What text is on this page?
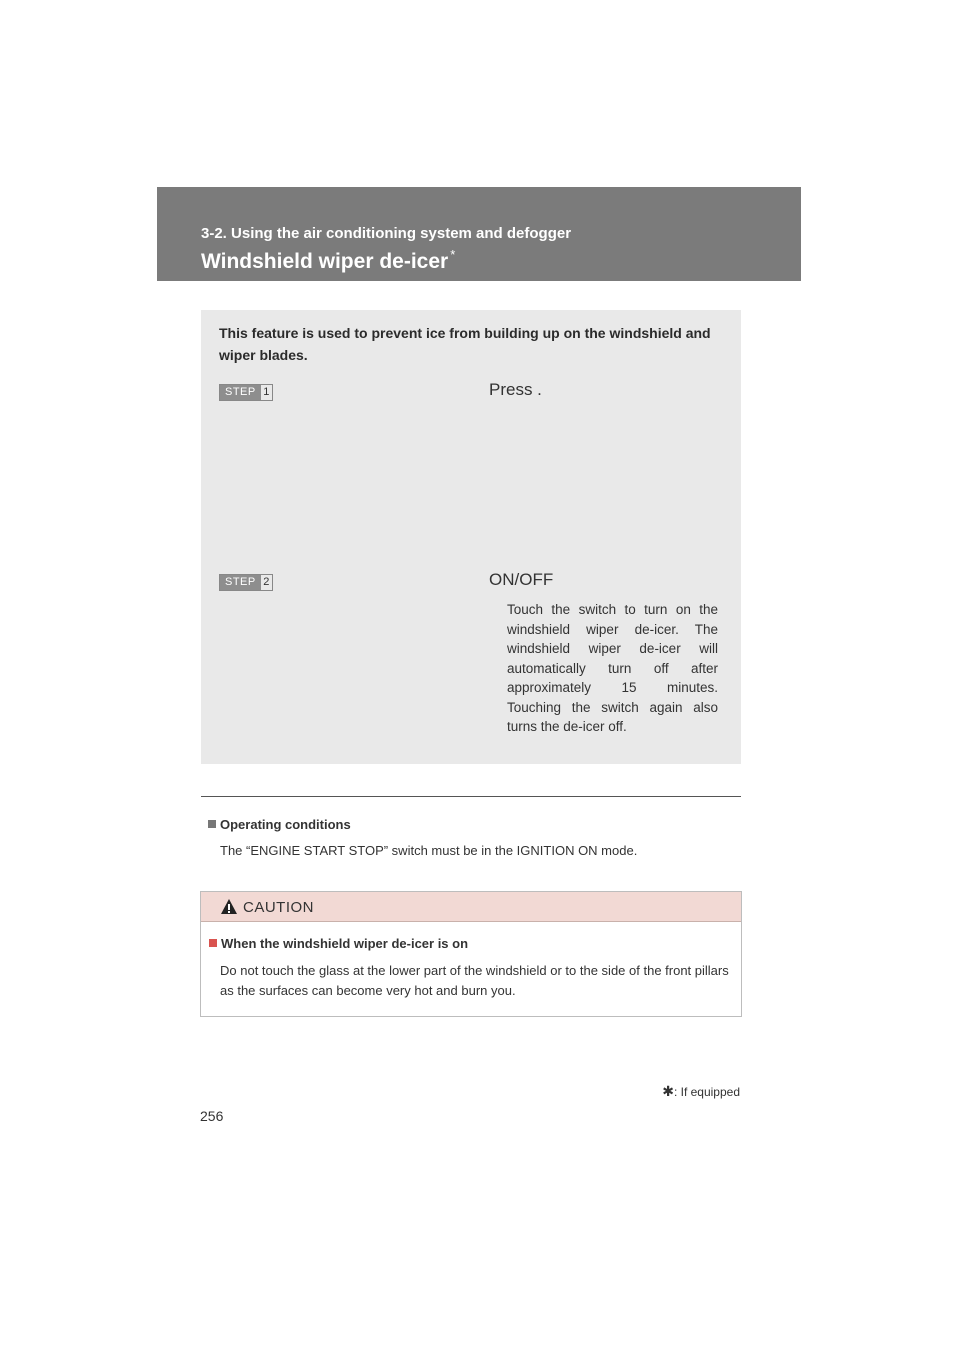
3-2. Using the air conditioning system and defogger
Windshield wiper de-icer *
This feature is used to prevent ice from building up on the windshield and wiper blades.
STEP 1	Press .
STEP 2	ON/OFF
Touch the switch to turn on the windshield wiper de-icer. The windshield wiper de-icer will automatically turn off after approximately 15 minutes. Touching the switch again also turns the de-icer off.
Operating conditions
The “ENGINE START STOP” switch must be in the IGNITION ON mode.
CAUTION
When the windshield wiper de-icer is on
Do not touch the glass at the lower part of the windshield or to the side of the front pillars as the surfaces can become very hot and burn you.
✱: If equipped
256
